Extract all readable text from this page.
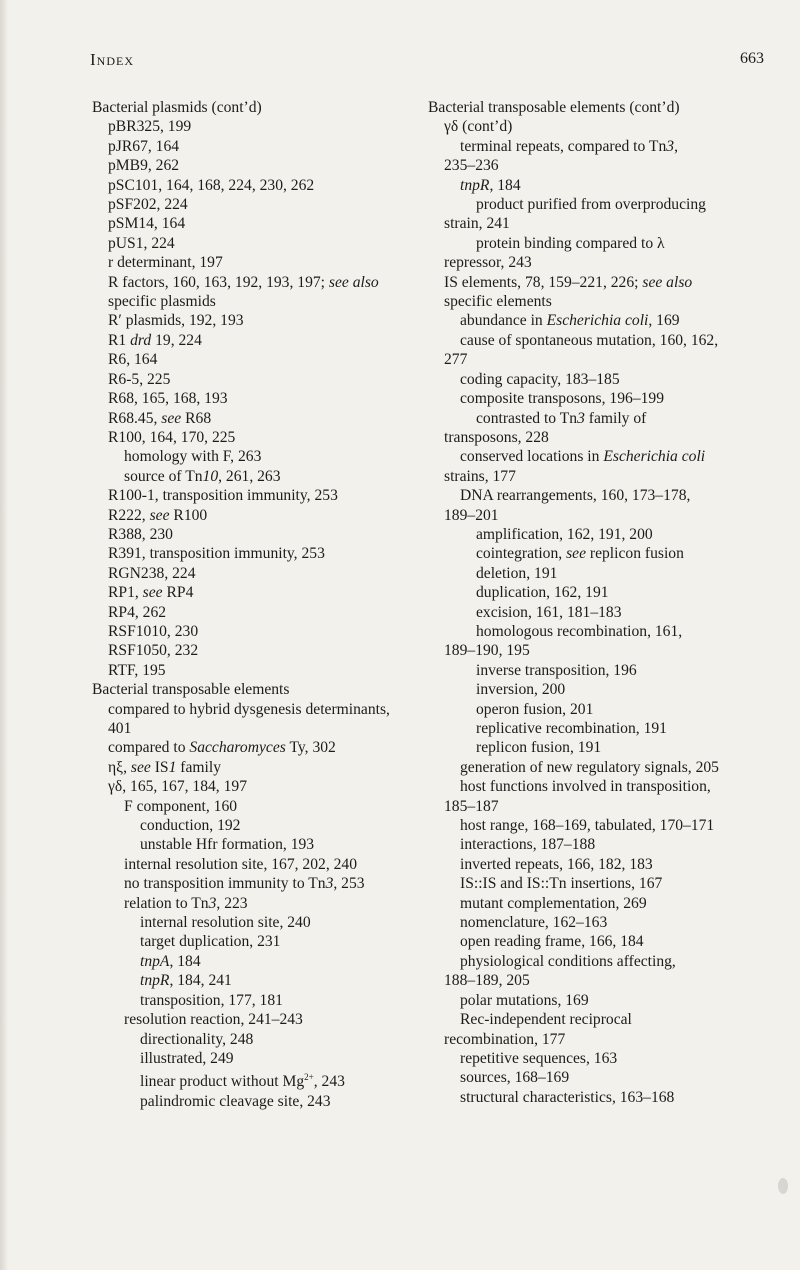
Index	663
Bacterial plasmids (cont’d)
pBR325, 199
pJR67, 164
pMB9, 262
pSC101, 164, 168, 224, 230, 262
pSF202, 224
pSM14, 164
pUS1, 224
r determinant, 197
R factors, 160, 163, 192, 193, 197; see also
specific plasmids
R′ plasmids, 192, 193
R1 drd 19, 224
R6, 164
R6-5, 225
R68, 165, 168, 193
R68.45, see R68
R100, 164, 170, 225
homology with F, 263
source of Tn10, 261, 263
R100-1, transposition immunity, 253
R222, see R100
R388, 230
R391, transposition immunity, 253
RGN238, 224
RP1, see RP4
RP4, 262
RSF1010, 230
RSF1050, 232
RTF, 195
Bacterial transposable elements
compared to hybrid dysgenesis determinants,
401
compared to Saccharomyces Ty, 302
ηξ, see IS1 family
γδ, 165, 167, 184, 197
F component, 160
conduction, 192
unstable Hfr formation, 193
internal resolution site, 167, 202, 240
no transposition immunity to Tn3, 253
relation to Tn3, 223
internal resolution site, 240
target duplication, 231
tnpA, 184
tnpR, 184, 241
transposition, 177, 181
resolution reaction, 241–243
directionality, 248
illustrated, 249
linear product without $Mg^{2+}$, 243
palindromic cleavage site, 243
Bacterial transposable elements (cont’d)
γδ (cont’d)
terminal repeats, compared to Tn3,
235–236
tnpR, 184
product purified from overproducing
strain, 241
protein binding compared to λ
repressor, 243
IS elements, 78, 159–221, 226; see also
specific elements
abundance in Escherichia coli, 169
cause of spontaneous mutation, 160, 162,
277
coding capacity, 183–185
composite transposons, 196–199
contrasted to Tn3 family of
transposons, 228
conserved locations in Escherichia coli
strains, 177
DNA rearrangements, 160, 173–178,
189–201
amplification, 162, 191, 200
cointegration, see replicon fusion
deletion, 191
duplication, 162, 191
excision, 161, 181–183
homologous recombination, 161,
189–190, 195
inverse transposition, 196
inversion, 200
operon fusion, 201
replicative recombination, 191
replicon fusion, 191
generation of new regulatory signals, 205
host functions involved in transposition,
185–187
host range, 168–169, tabulated, 170–171
interactions, 187–188
inverted repeats, 166, 182, 183
IS::IS and IS::Tn insertions, 167
mutant complementation, 269
nomenclature, 162–163
open reading frame, 166, 184
physiological conditions affecting,
188–189, 205
polar mutations, 169
Rec-independent reciprocal
recombination, 177
repetitive sequences, 163
sources, 168–169
structural characteristics, 163–168
